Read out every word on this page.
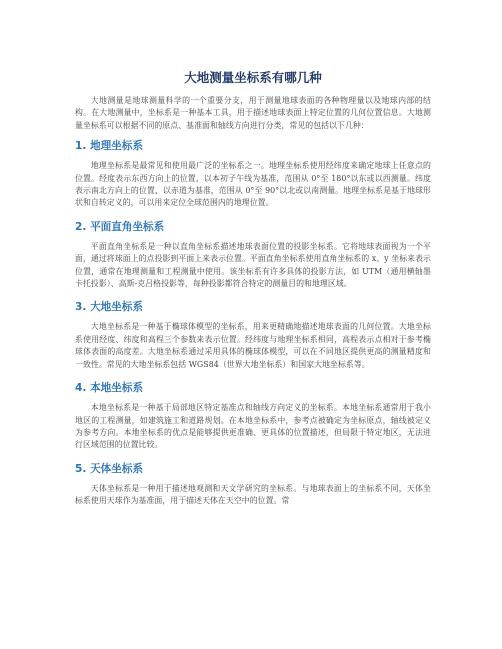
大地测量坐标系有哪几种

大地测量是地球测量科学的一个重要分支，用于测量地球表面的各种物理量以及地球内部的结构。在大地测量中，坐标系是一种基本工具，用于描述地球表面上特定位置的几何位置信息。大地测量坐标系可以根据不同的原点、基准面和轴线方向进行分类，常见的包括以下几种：

1. 地理坐标系

地理坐标系是最常见和使用最广泛的坐标系之一。地理坐标系使用经纬度来确定地球上任意点的位置。经度表示东西方向上的位置，以本初子午线为基准，范围从 0°至 180°以东或以西测量。纬度表示南北方向上的位置，以赤道为基准，范围从 0°至 90°以北或以南测量。地理坐标系是基于地球形状和自转定义的，可以用来定位全球范围内的地理位置。

2. 平面直角坐标系

平面直角坐标系是一种以直角坐标系描述地球表面位置的投影坐标系。它将地球表面视为一个平面，通过将球面上的点投影到平面上来表示位置。平面直角坐标系使用直角坐标系的 x、y 坐标来表示位置，通常在地理测量和工程测量中使用。该坐标系有许多具体的投影方法，如 UTM（通用横轴墨卡托投影）、高斯-克吕格投影等，每种投影都符合特定的测量目的和地理区域。

3. 大地坐标系

大地坐标系是一种基于椭球体模型的坐标系，用来更精确地描述地球表面的几何位置。大地坐标系使用经度、纬度和高程三个参数来表示位置。经纬度与地理坐标系相同，高程表示点相对于参考椭球体表面的高度差。大地坐标系通过采用具体的椭球体模型，可以在不同地区提供更高的测量精度和一致性。常见的大地坐标系包括 WGS84（世界大地坐标系）和国家大地坐标系等。

4. 本地坐标系

本地坐标系是一种基于局部地区特定基准点和轴线方向定义的坐标系。本地坐标系通常用于我小地区的工程测量，如建筑施工和道路规划。在本地坐标系中，参考点被确定为坐标原点，轴线被定义为参考方向。本地坐标系的优点是能够提供更准确、更具体的位置描述，但局限于特定地区，无法进行区域范围的位置比较。

5. 天体坐标系

天体坐标系是一种用于描述地观测和天文学研究的坐标系。与地球表面上的坐标系不同，天体坐标系使用天球作为基准面，用于描述天体在天空中的位置。常
